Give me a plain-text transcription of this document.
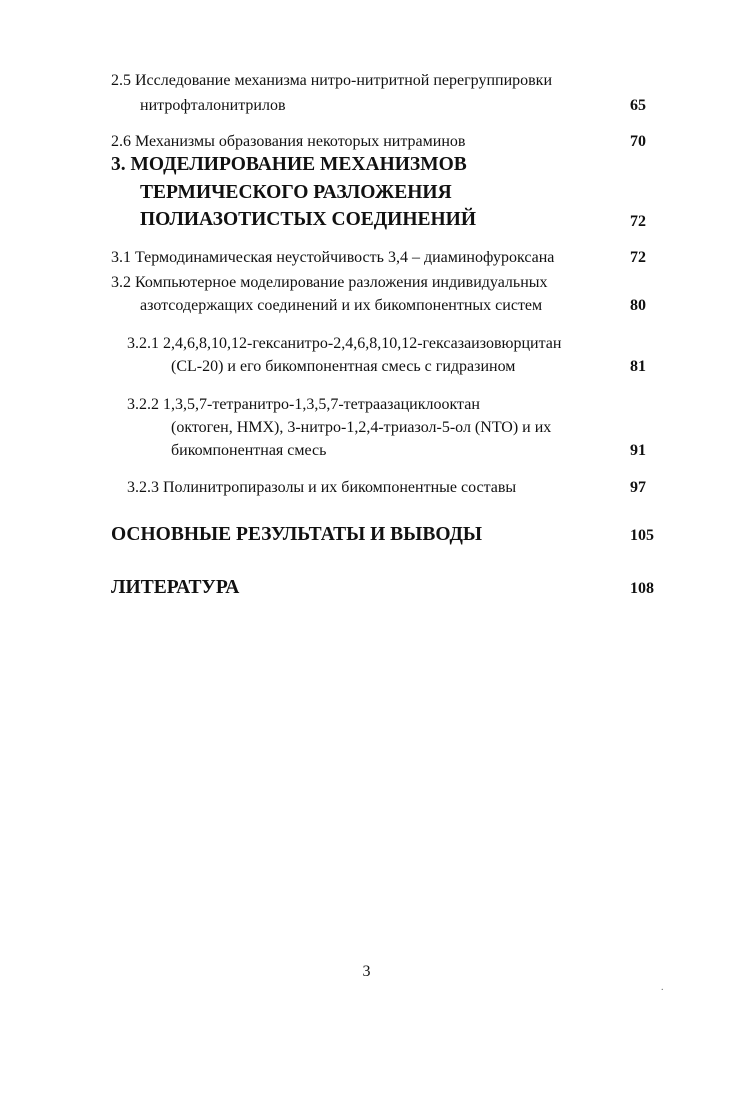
2.5 Исследование механизма нитро-нитритной перегруппировки
нитрофталонитрилов	65
2.6 Механизмы образования некоторых нитраминов	70
3. МОДЕЛИРОВАНИЕ МЕХАНИЗМОВ
ТЕРМИЧЕСКОГО РАЗЛОЖЕНИЯ
ПОЛИАЗОТИСТЫХ СОЕДИНЕНИЙ	72
3.1 Термодинамическая неустойчивость 3,4 – диаминофуроксана	72
3.2 Компьютерное моделирование разложения индивидуальных
азотсодержащих соединений и их бикомпонентных систем	80
3.2.1 2,4,6,8,10,12-гексанитро-2,4,6,8,10,12-гексазаизовюрцитан
(CL-20) и его бикомпонентная смесь с гидразином	81
3.2.2 1,3,5,7-тетранитро-1,3,5,7-тетраазациклооктан
(октоген, HMX), 3-нитро-1,2,4-триазол-5-ол (NTO) и их
бикомпонентная смесь	91
3.2.3 Полинитропиразолы и их бикомпонентные составы	97
ОСНОВНЫЕ РЕЗУЛЬТАТЫ И ВЫВОДЫ	105
ЛИТЕРАТУРА	108
3
.
